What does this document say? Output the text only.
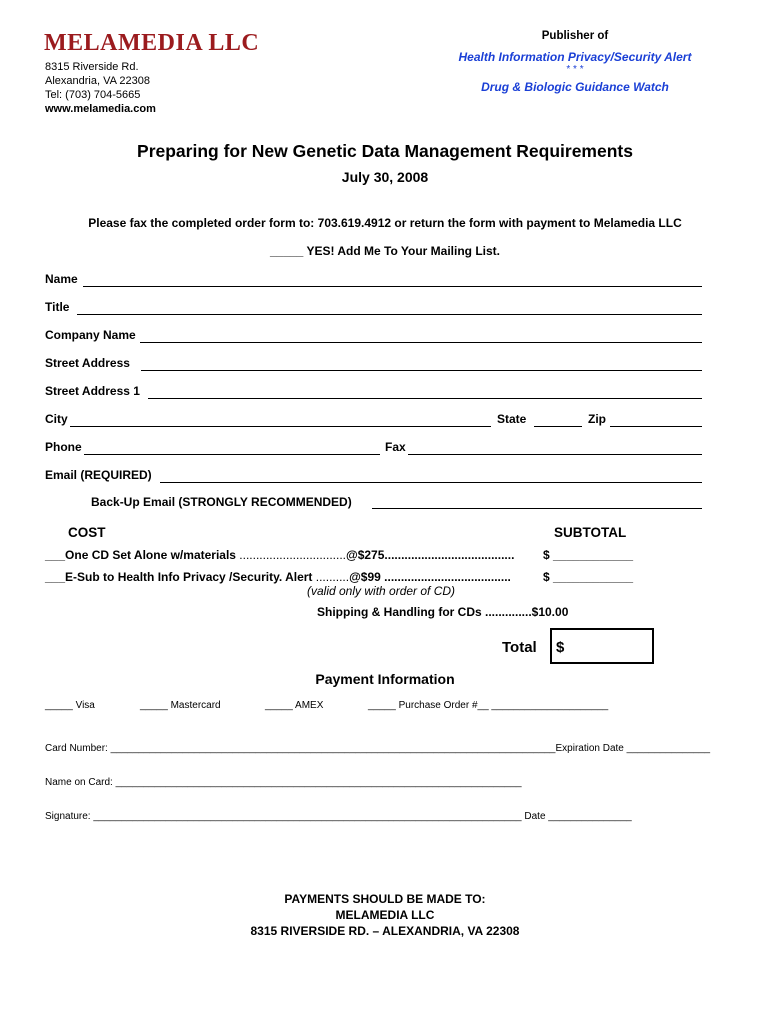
MELAMEDIA LLC
8315 Riverside Rd.
Alexandria, VA 22308
Tel: (703) 704-5665
www.melamedia.com
Publisher of
Health Information Privacy/Security Alert
* * *
Drug & Biologic Guidance Watch
Preparing for New Genetic Data Management Requirements
July 30, 2008
Please fax the completed order form to: 703.619.4912 or return the form with payment to Melamedia LLC
_____ YES! Add Me To Your Mailing List.
Name
Title
Company Name
Street Address
Street Address 1
City	State	Zip
Phone	Fax
Email (REQUIRED)
Back-Up Email (STRONGLY RECOMMENDED)
COST	SUBTOTAL
___One CD Set Alone w/materials ................................@$275....................................... $ ____________
___E-Sub to Health Info Privacy /Security. Alert ..........@$99 ......................................	$ ____________
(valid only with order of CD)
Shipping & Handling for CDs ..............$10.00
Total $
Payment Information
_____ Visa	_____ Mastercard	_____ AMEX	_____ Purchase Order #__ _____________________
Card Number: ________________________________________________________________________________Expiration Date _______________
Name on Card: _________________________________________________________________________
Signature: _____________________________________________________________________________ Date _______________
PAYMENTS SHOULD BE MADE TO:
MELAMEDIA LLC
8315 RIVERSIDE RD. – ALEXANDRIA, VA 22308
